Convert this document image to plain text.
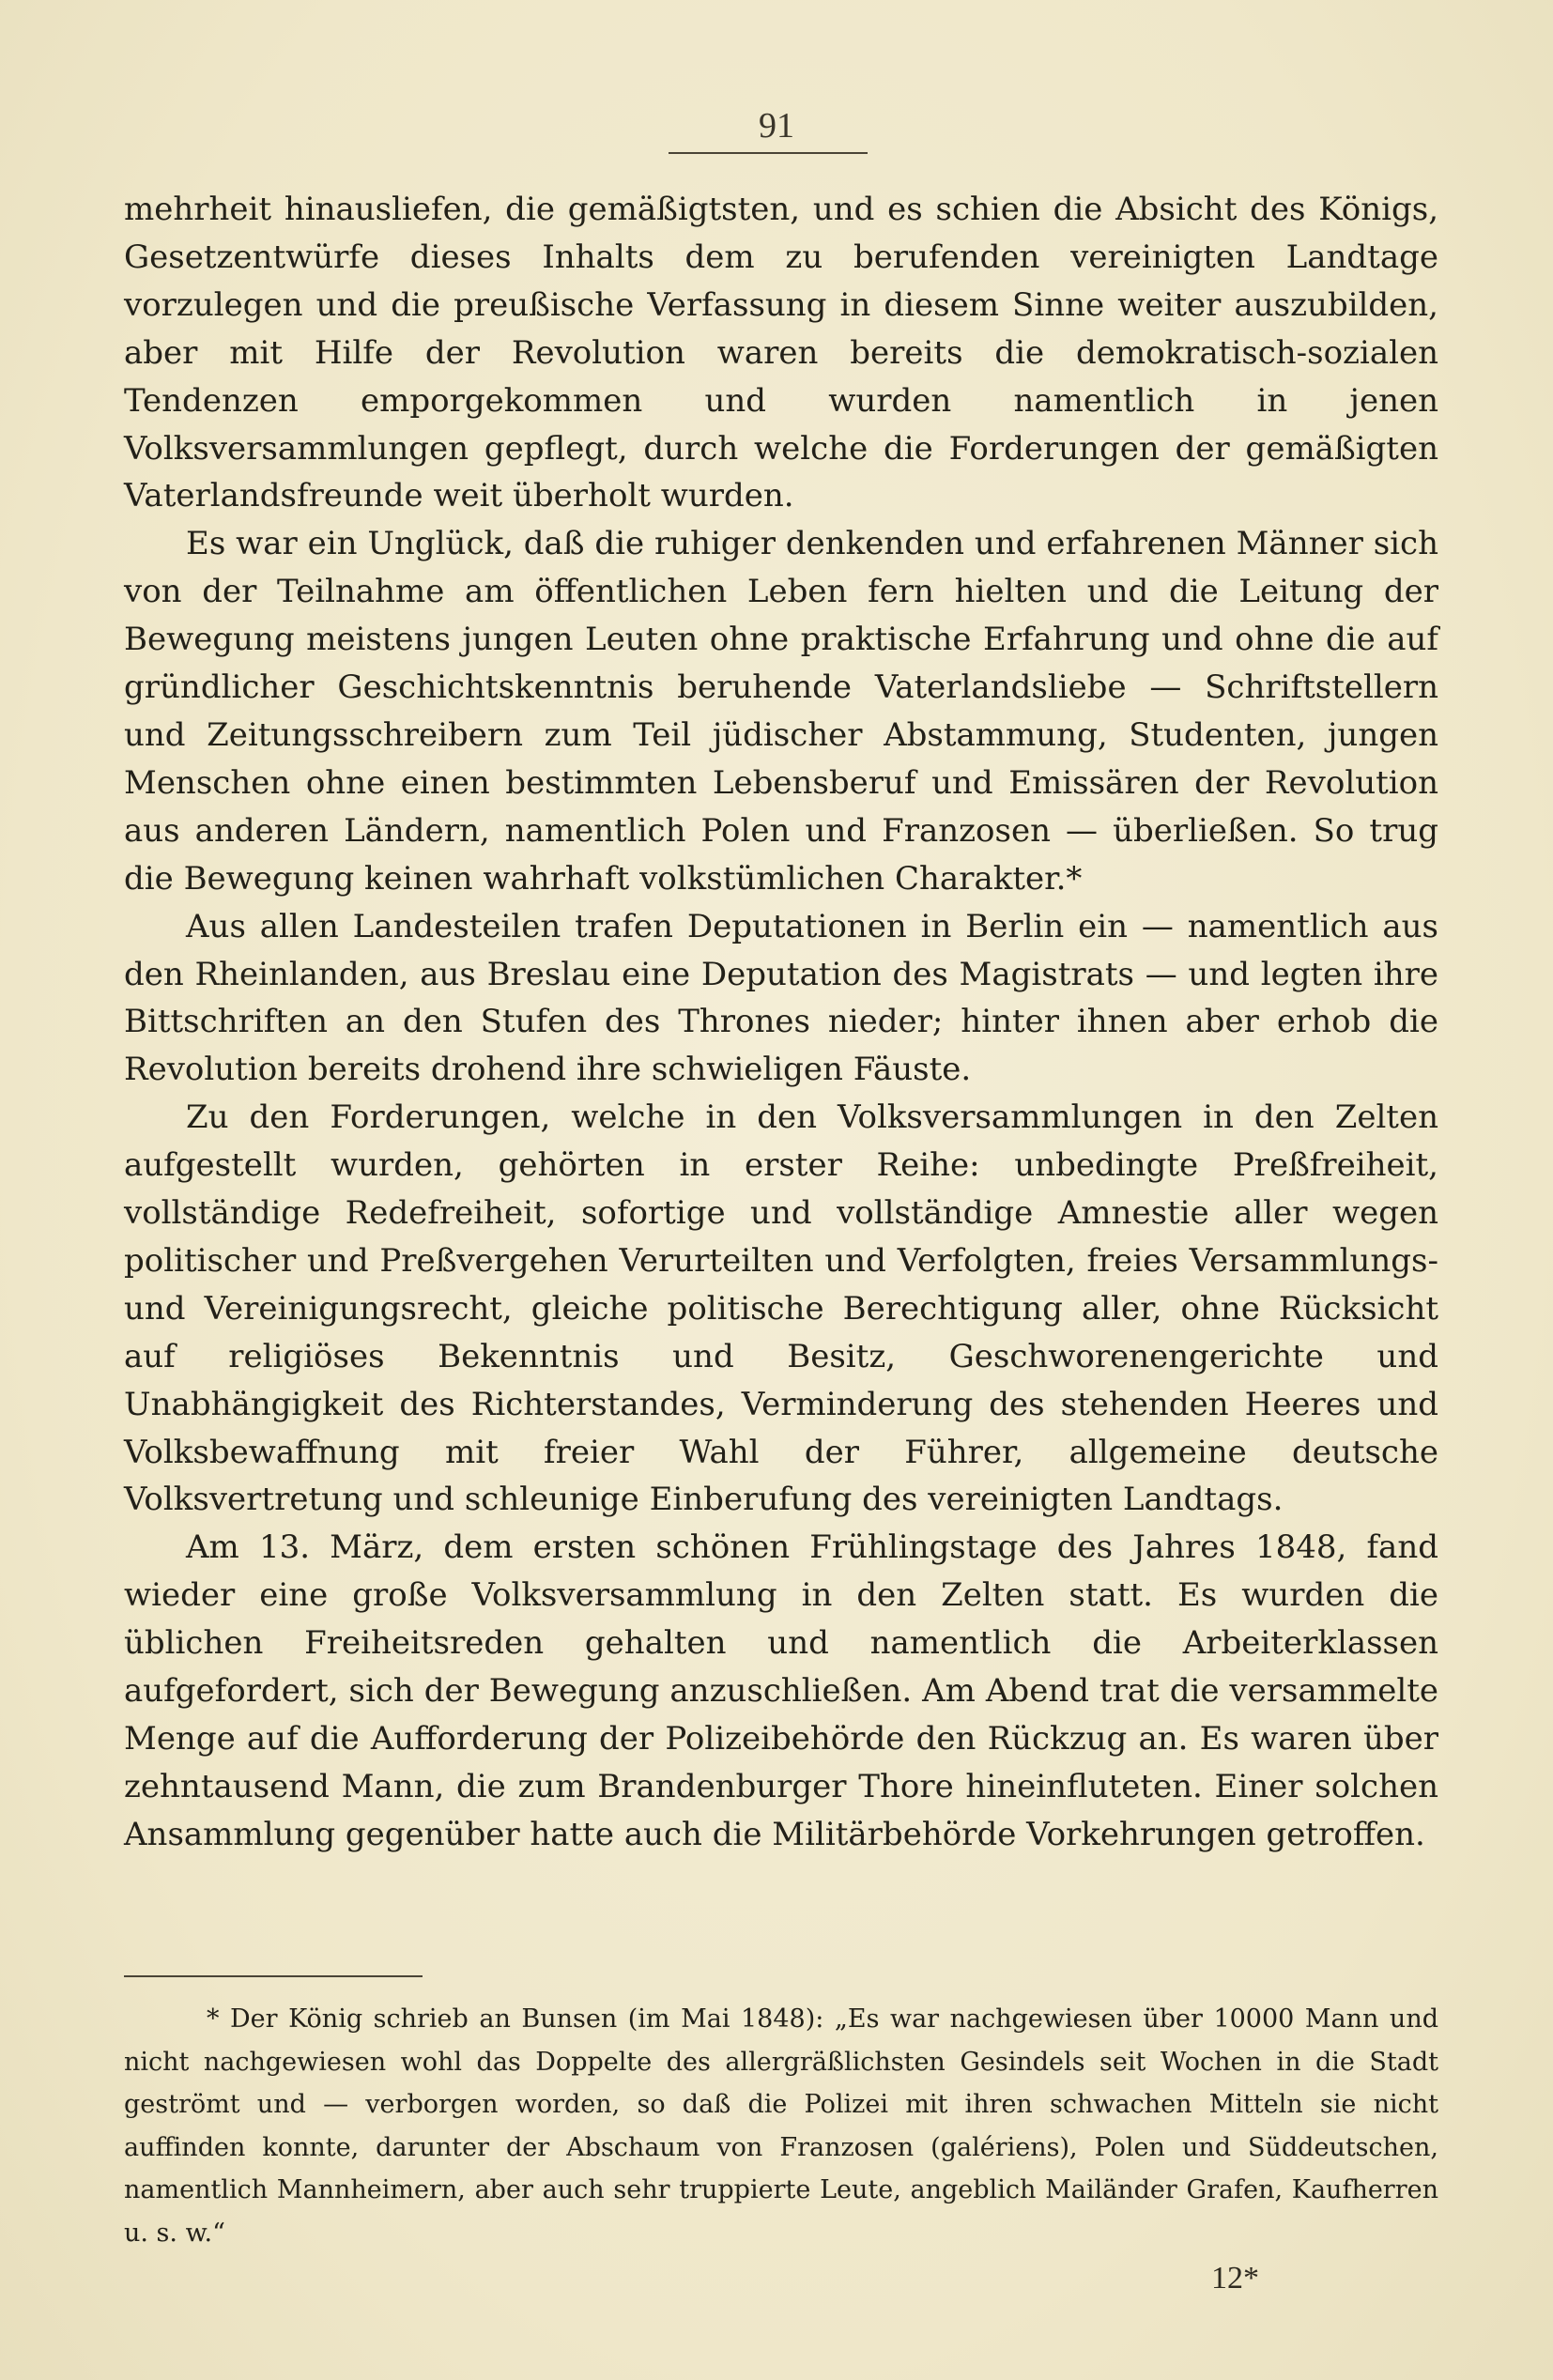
91

mehrheit hinausliefen, die gemäßigtsten, und es schien die Absicht des Königs, Gesetzentwürfe dieses Inhalts dem zu berufenden vereinigten Landtage vorzulegen und die preußische Verfassung in diesem Sinne weiter auszubilden, aber mit Hilfe der Revolution waren bereits die demokratisch-sozialen Tendenzen emporgekommen und wurden namentlich in jenen Volksversammlungen gepflegt, durch welche die Forderungen der gemäßigten Vaterlandsfreunde weit überholt wurden.

Es war ein Unglück, daß die ruhiger denkenden und erfahrenen Männer sich von der Teilnahme am öffentlichen Leben fern hielten und die Leitung der Bewegung meistens jungen Leuten ohne praktische Erfahrung und ohne die auf gründlicher Geschichtskenntnis beruhende Vaterlandsliebe — Schriftstellern und Zeitungsschreibern zum Teil jüdischer Abstammung, Studenten, jungen Menschen ohne einen bestimmten Lebensberuf und Emissären der Revolution aus anderen Ländern, namentlich Polen und Franzosen — überließen. So trug die Bewegung keinen wahrhaft volkstümlichen Charakter.*

Aus allen Landesteilen trafen Deputationen in Berlin ein — namentlich aus den Rheinlanden, aus Breslau eine Deputation des Magistrats — und legten ihre Bittschriften an den Stufen des Thrones nieder; hinter ihnen aber erhob die Revolution bereits drohend ihre schwieligen Fäuste.

Zu den Forderungen, welche in den Volksversammlungen in den Zelten aufgestellt wurden, gehörten in erster Reihe: unbedingte Preßfreiheit, vollständige Redefreiheit, sofortige und vollständige Amnestie aller wegen politischer und Preßvergehen Verurteilten und Verfolgten, freies Versammlungs- und Vereinigungsrecht, gleiche politische Berechtigung aller, ohne Rücksicht auf religiöses Bekenntnis und Besitz, Geschworenengerichte und Unabhängigkeit des Richterstandes, Verminderung des stehenden Heeres und Volksbewaffnung mit freier Wahl der Führer, allgemeine deutsche Volksvertretung und schleunige Einberufung des vereinigten Landtags.

Am 13. März, dem ersten schönen Frühlingstage des Jahres 1848, fand wieder eine große Volksversammlung in den Zelten statt. Es wurden die üblichen Freiheitsreden gehalten und namentlich die Arbeiterklassen aufgefordert, sich der Bewegung anzuschließen. Am Abend trat die versammelte Menge auf die Aufforderung der Polizeibehörde den Rückzug an. Es waren über zehntausend Mann, die zum Brandenburger Thore hineinfluteten. Einer solchen Ansammlung gegenüber hatte auch die Militärbehörde Vorkehrungen getroffen.

* Der König schrieb an Bunsen (im Mai 1848): „Es war nachgewiesen über 10000 Mann und nicht nachgewiesen wohl das Doppelte des allergräßlichsten Gesindels seit Wochen in die Stadt geströmt und — verborgen worden, so daß die Polizei mit ihren schwachen Mitteln sie nicht auffinden konnte, darunter der Abschaum von Franzosen (galériens), Polen und Süddeutschen, namentlich Mannheimern, aber auch sehr truppierte Leute, angeblich Mailänder Grafen, Kaufherren u. s. w.“

12*
